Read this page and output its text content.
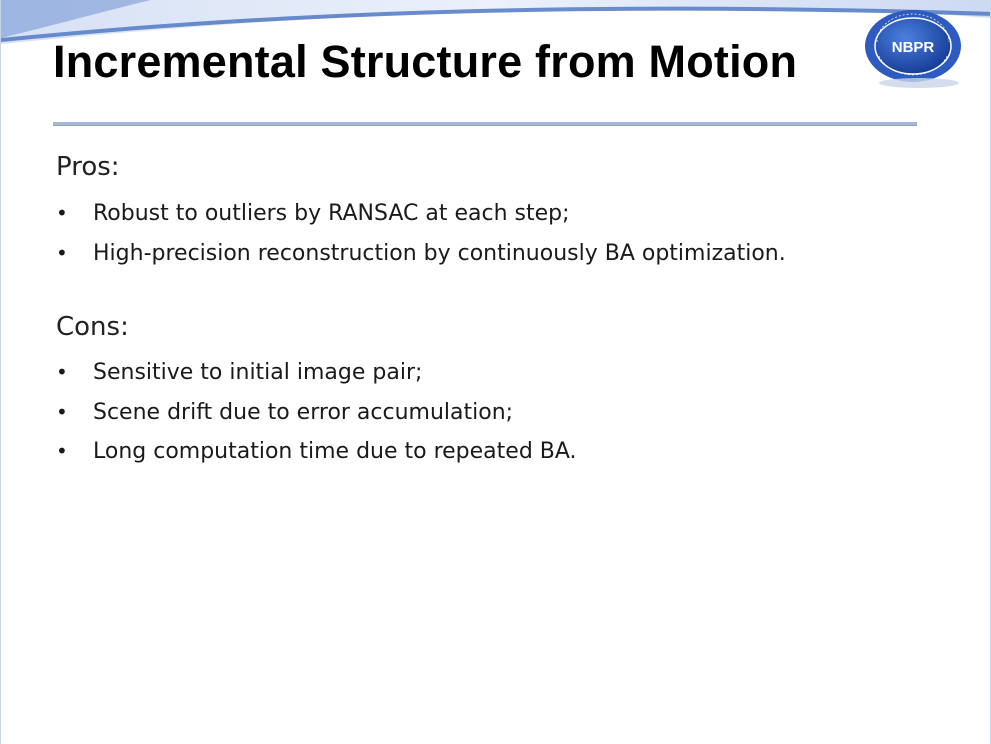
Incremental Structure from Motion	NBPR

Pros:

• Robust to outliers by RANSAC at each step;
• High-precision reconstruction by continuously BA optimization.

Cons:

• Sensitive to initial image pair;
• Scene drift due to error accumulation;
• Long computation time due to repeated BA.
